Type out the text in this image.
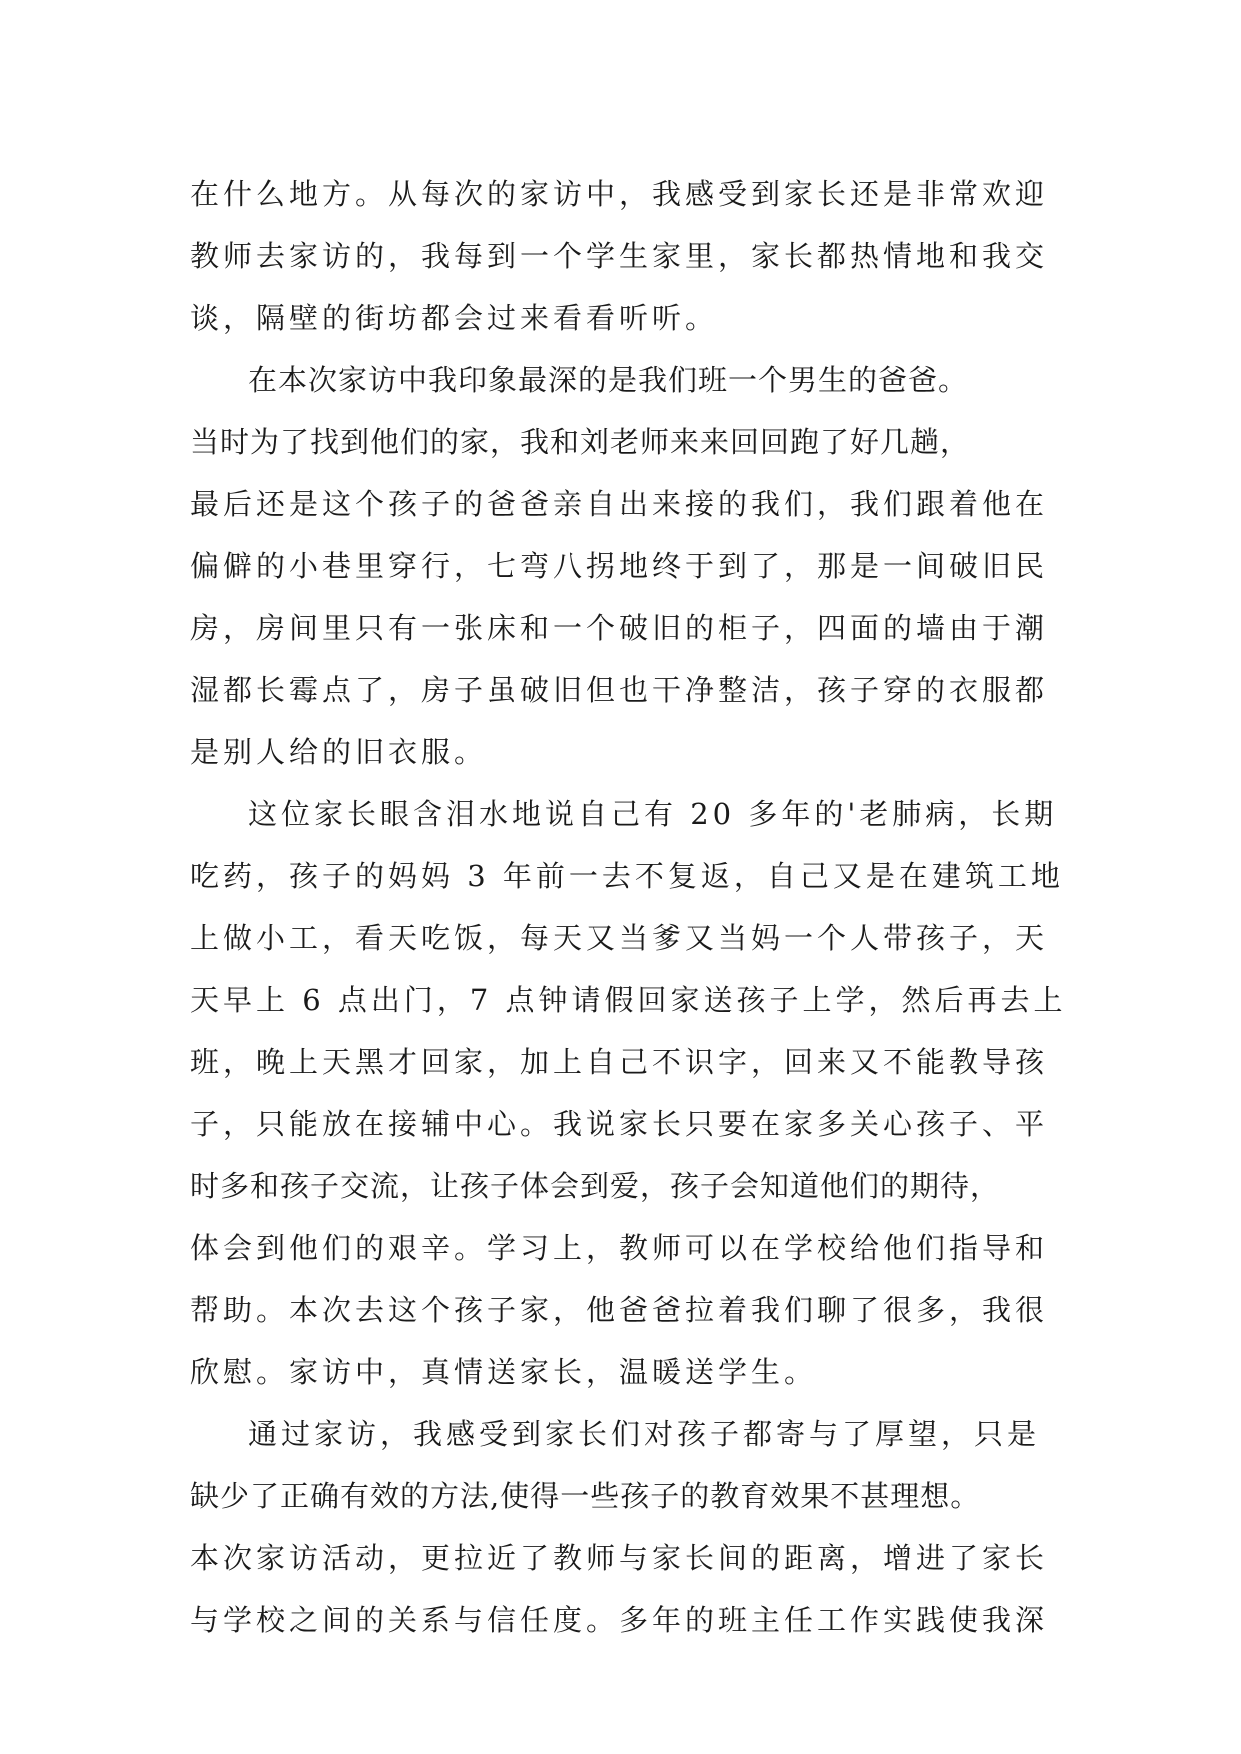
在什么地方。从每次的家访中，我感受到家长还是非常欢迎
教师去家访的，我每到一个学生家里，家长都热情地和我交
谈，隔壁的街坊都会过来看看听听。
在本次家访中我印象最深的是我们班一个男生的爸爸。
当时为了找到他们的家，我和刘老师来来回回跑了好几趟，
最后还是这个孩子的爸爸亲自出来接的我们，我们跟着他在
偏僻的小巷里穿行，七弯八拐地终于到了，那是一间破旧民
房，房间里只有一张床和一个破旧的柜子，四面的墙由于潮
湿都长霉点了，房子虽破旧但也干净整洁，孩子穿的衣服都
是别人给的旧衣服。
这位家长眼含泪水地说自己有 20 多年的'老肺病，长期
吃药，孩子的妈妈 3 年前一去不复返，自己又是在建筑工地
上做小工，看天吃饭，每天又当爹又当妈一个人带孩子，天
天早上 6 点出门，7 点钟请假回家送孩子上学，然后再去上
班，晚上天黑才回家，加上自己不识字，回来又不能教导孩
子，只能放在接辅中心。我说家长只要在家多关心孩子、平
时多和孩子交流，让孩子体会到爱，孩子会知道他们的期待，
体会到他们的艰辛。学习上，教师可以在学校给他们指导和
帮助。本次去这个孩子家，他爸爸拉着我们聊了很多，我很
欣慰。家访中，真情送家长，温暖送学生。
通过家访，我感受到家长们对孩子都寄与了厚望，只是
缺少了正确有效的方法,使得一些孩子的教育效果不甚理想。
本次家访活动，更拉近了教师与家长间的距离，增进了家长
与学校之间的关系与信任度。多年的班主任工作实践使我深
